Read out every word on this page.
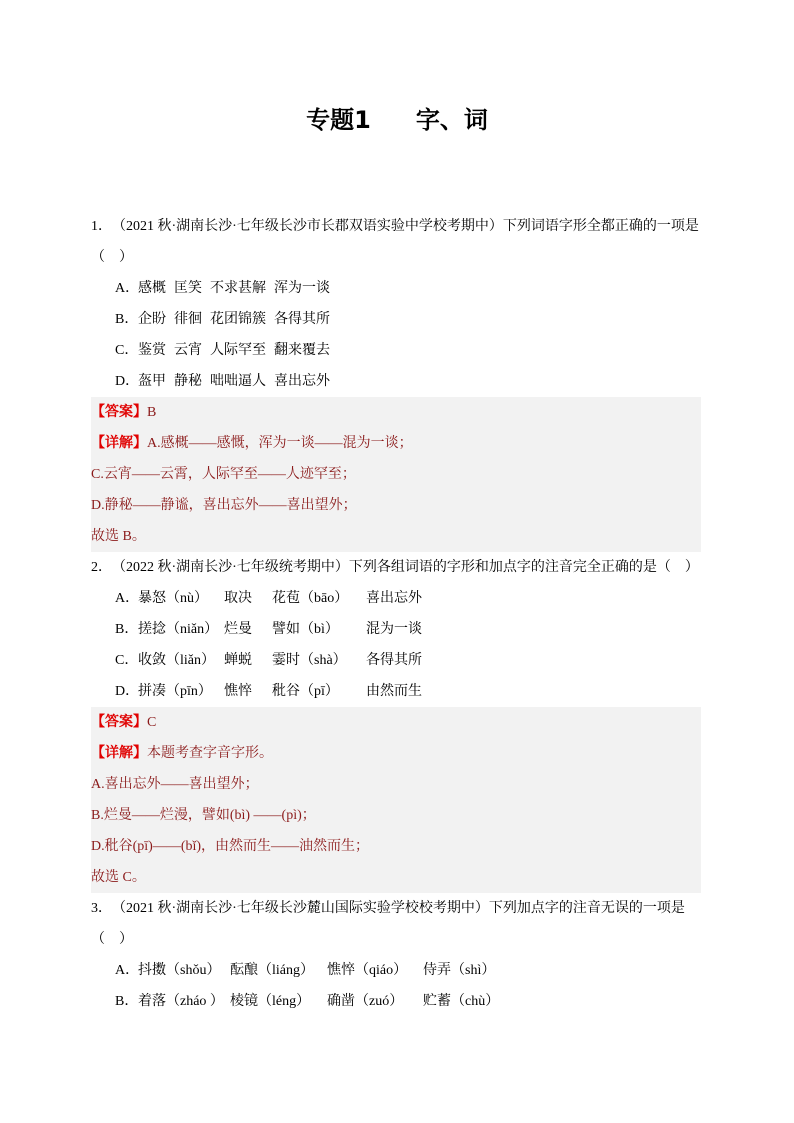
专题1 字、词
1． （2021 秋·湖南长沙·七年级长沙市长郡双语实验中学校考期中） 下列词语字形全都正确的一项是
（　）
A．
感概 匡笑 不求甚解 浑为一谈
B． 企盼 徘徊 花团锦簇 各得其所
C． 鉴赏 云宵 人际罕至 翻来覆去
D．
盔甲 静秘 咄咄逼人 喜出忘外
【答案】 B
【详解】 A.感概——感慨，浑为一谈——混为一谈；
C.云宵——云霄，人际罕至——人迹罕至；
D.静秘——静谧，喜出忘外——喜出望外；
故选 B。
2． （2022 秋·湖南长沙·七年级统考期中） 下列各组词语的字形和加点字的注音完全正确的是 （　）
A．
暴怒（nù）	取决	花苞（bāo）	喜出忘外
B． 搓捻（niǎn） 烂曼	譬如（bì）	混为一谈
C． 收敛（liǎn） 蝉蜕	霎时（shà）	各得其所
D．
拼凑（pīn） 憔悴	秕谷（pī）	由然而生
【答案】 C
【详解】 本题考查字音字形。
A.喜出忘外——喜出望外；
B.烂曼——烂漫，譬如(bì) ——(pì)；
D.秕谷(pī)——(bǐ)，由然而生——油然而生；
故选 C。
3． （2021 秋·湖南长沙·七年级长沙麓山国际实验学校校考期中） 下列加点字的注音无误的一项是
（　）
A．
抖擞（shǒu） 酝酿（liáng） 憔悴（qiáo）	侍弄（shì）
B． 着落（zháo ） 棱镜（léng）	确凿（zuó）	贮蓄（chù）
